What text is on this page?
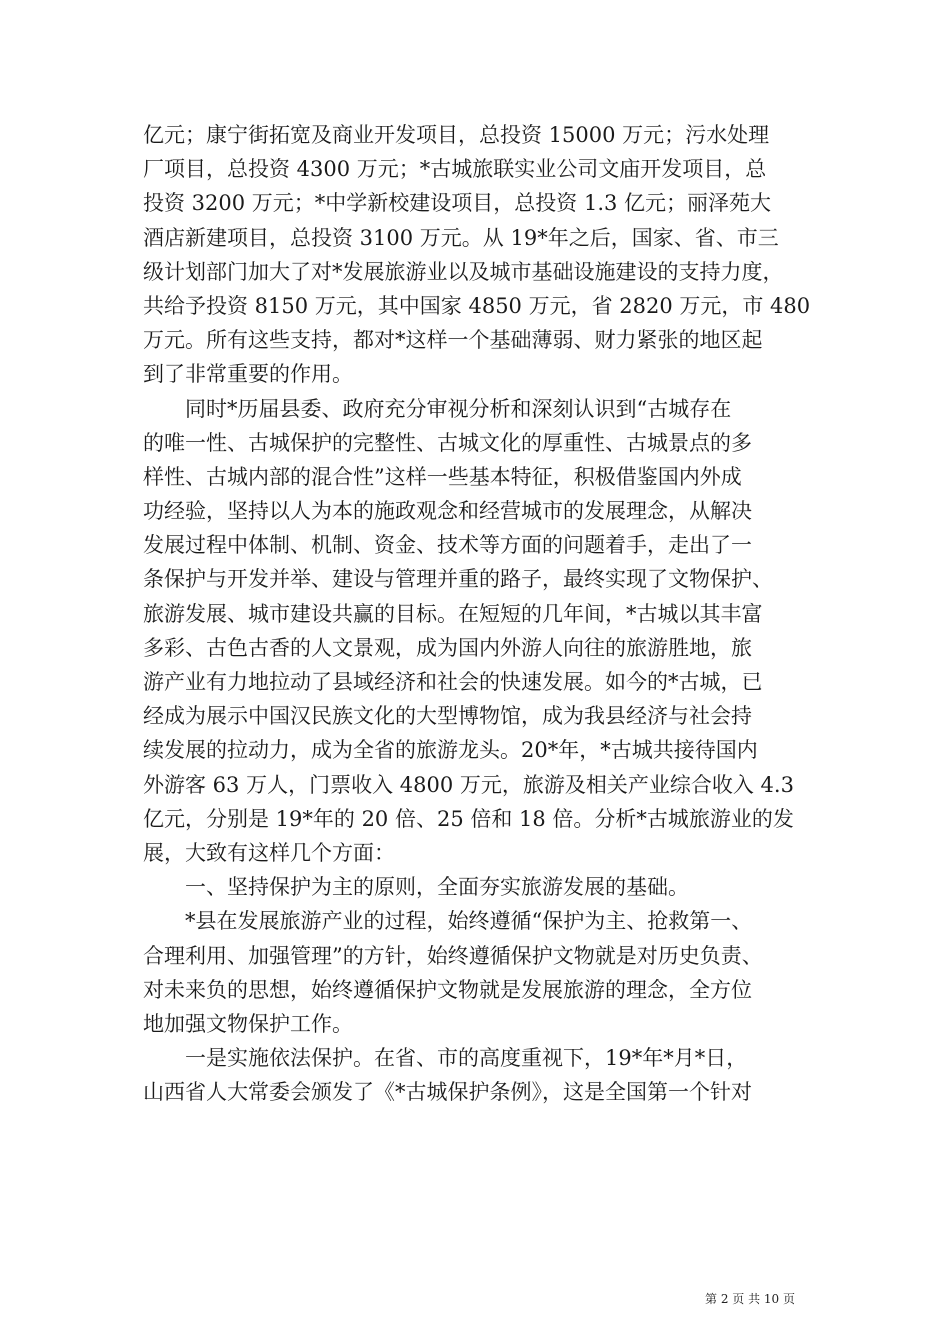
亿元；康宁街拓宽及商业开发项目，总投资 15000 万元；污水处理
厂项目，总投资 4300 万元；*古城旅联实业公司文庙开发项目，总
投资 3200 万元；*中学新校建设项目，总投资 1.3 亿元；丽泽苑大
酒店新建项目，总投资 3100 万元。从 19*年之后，国家、省、市三
级计划部门加大了对*发展旅游业以及城市基础设施建设的支持力度，
共给予投资 8150 万元，其中国家 4850 万元，省 2820 万元，市 480
万元。所有这些支持，都对*这样一个基础薄弱、财力紧张的地区起
到了非常重要的作用。
　　同时*历届县委、政府充分审视分析和深刻认识到“古城存在
的唯一性、古城保护的完整性、古城文化的厚重性、古城景点的多
样性、古城内部的混合性”这样一些基本特征，积极借鉴国内外成
功经验，坚持以人为本的施政观念和经营城市的发展理念，从解决
发展过程中体制、机制、资金、技术等方面的问题着手，走出了一
条保护与开发并举、建设与管理并重的路子，最终实现了文物保护、
旅游发展、城市建设共赢的目标。在短短的几年间，*古城以其丰富
多彩、古色古香的人文景观，成为国内外游人向往的旅游胜地，旅
游产业有力地拉动了县域经济和社会的快速发展。如今的*古城，已
经成为展示中国汉民族文化的大型博物馆，成为我县经济与社会持
续发展的拉动力，成为全省的旅游龙头。20*年，*古城共接待国内
外游客 63 万人，门票收入 4800 万元，旅游及相关产业综合收入 4.3
亿元，分别是 19*年的 20 倍、25 倍和 18 倍。分析*古城旅游业的发
展，大致有这样几个方面：
　　一、坚持保护为主的原则，全面夯实旅游发展的基础。
　　*县在发展旅游产业的过程，始终遵循“保护为主、抢救第一、
合理利用、加强管理”的方针，始终遵循保护文物就是对历史负责、
对未来负的思想，始终遵循保护文物就是发展旅游的理念，全方位
地加强文物保护工作。
　　一是实施依法保护。在省、市的高度重视下，19*年*月*日，
山西省人大常委会颁发了《*古城保护条例》，这是全国第一个针对
第 2 页 共 10 页
